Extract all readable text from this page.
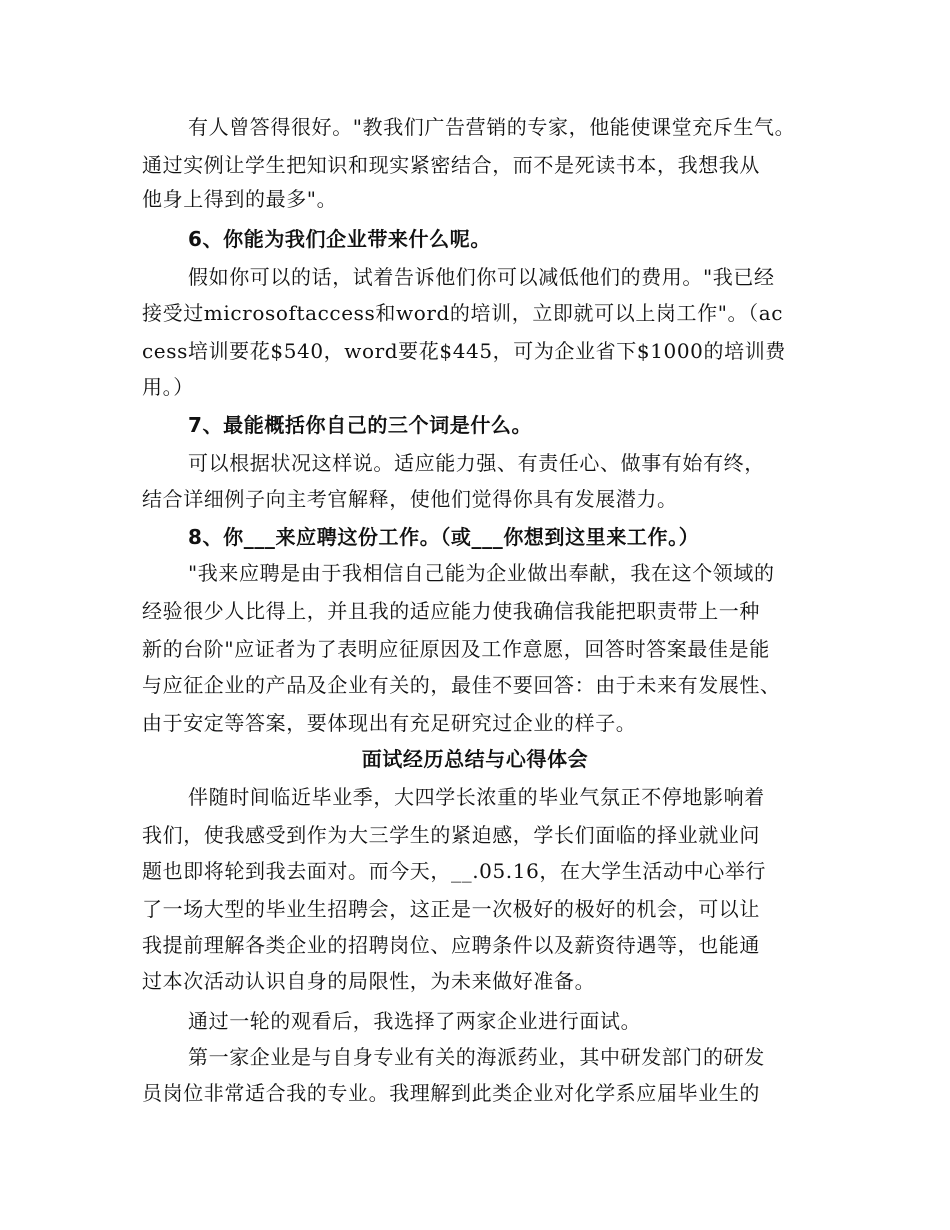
有人曾答得很好。"教我们广告营销的专家，他能使课堂充斥生气。
通过实例让学生把知识和现实紧密结合，而不是死读书本，我想我从
他身上得到的最多"。
6、你能为我们企业带来什么呢。
假如你可以的话，试着告诉他们你可以减低他们的费用。"我已经
接受过microsoftaccess和word的培训，立即就可以上岗工作"。（ac
cess培训要花$540，word要花$445，可为企业省下$1000的培训费
用。）
7、最能概括你自己的三个词是什么。
可以根据状况这样说。适应能力强、有责任心、做事有始有终，
结合详细例子向主考官解释，使他们觉得你具有发展潜力。
8、你___来应聘这份工作。（或___你想到这里来工作。）
"我来应聘是由于我相信自己能为企业做出奉献，我在这个领域的
经验很少人比得上，并且我的适应能力使我确信我能把职责带上一种
新的台阶"应证者为了表明应征原因及工作意愿，回答时答案最佳是能
与应征企业的产品及企业有关的，最佳不要回答：由于未来有发展性、
由于安定等答案，要体现出有充足研究过企业的样子。
面试经历总结与心得体会
伴随时间临近毕业季，大四学长浓重的毕业气氛正不停地影响着
我们，使我感受到作为大三学生的紧迫感，学长们面临的择业就业问
题也即将轮到我去面对。而今天，__.05.16，在大学生活动中心举行
了一场大型的毕业生招聘会，这正是一次极好的极好的机会，可以让
我提前理解各类企业的招聘岗位、应聘条件以及薪资待遇等，也能通
过本次活动认识自身的局限性，为未来做好准备。
通过一轮的观看后，我选择了两家企业进行面试。
第一家企业是与自身专业有关的海派药业，其中研发部门的研发
员岗位非常适合我的专业。我理解到此类企业对化学系应届毕业生的
